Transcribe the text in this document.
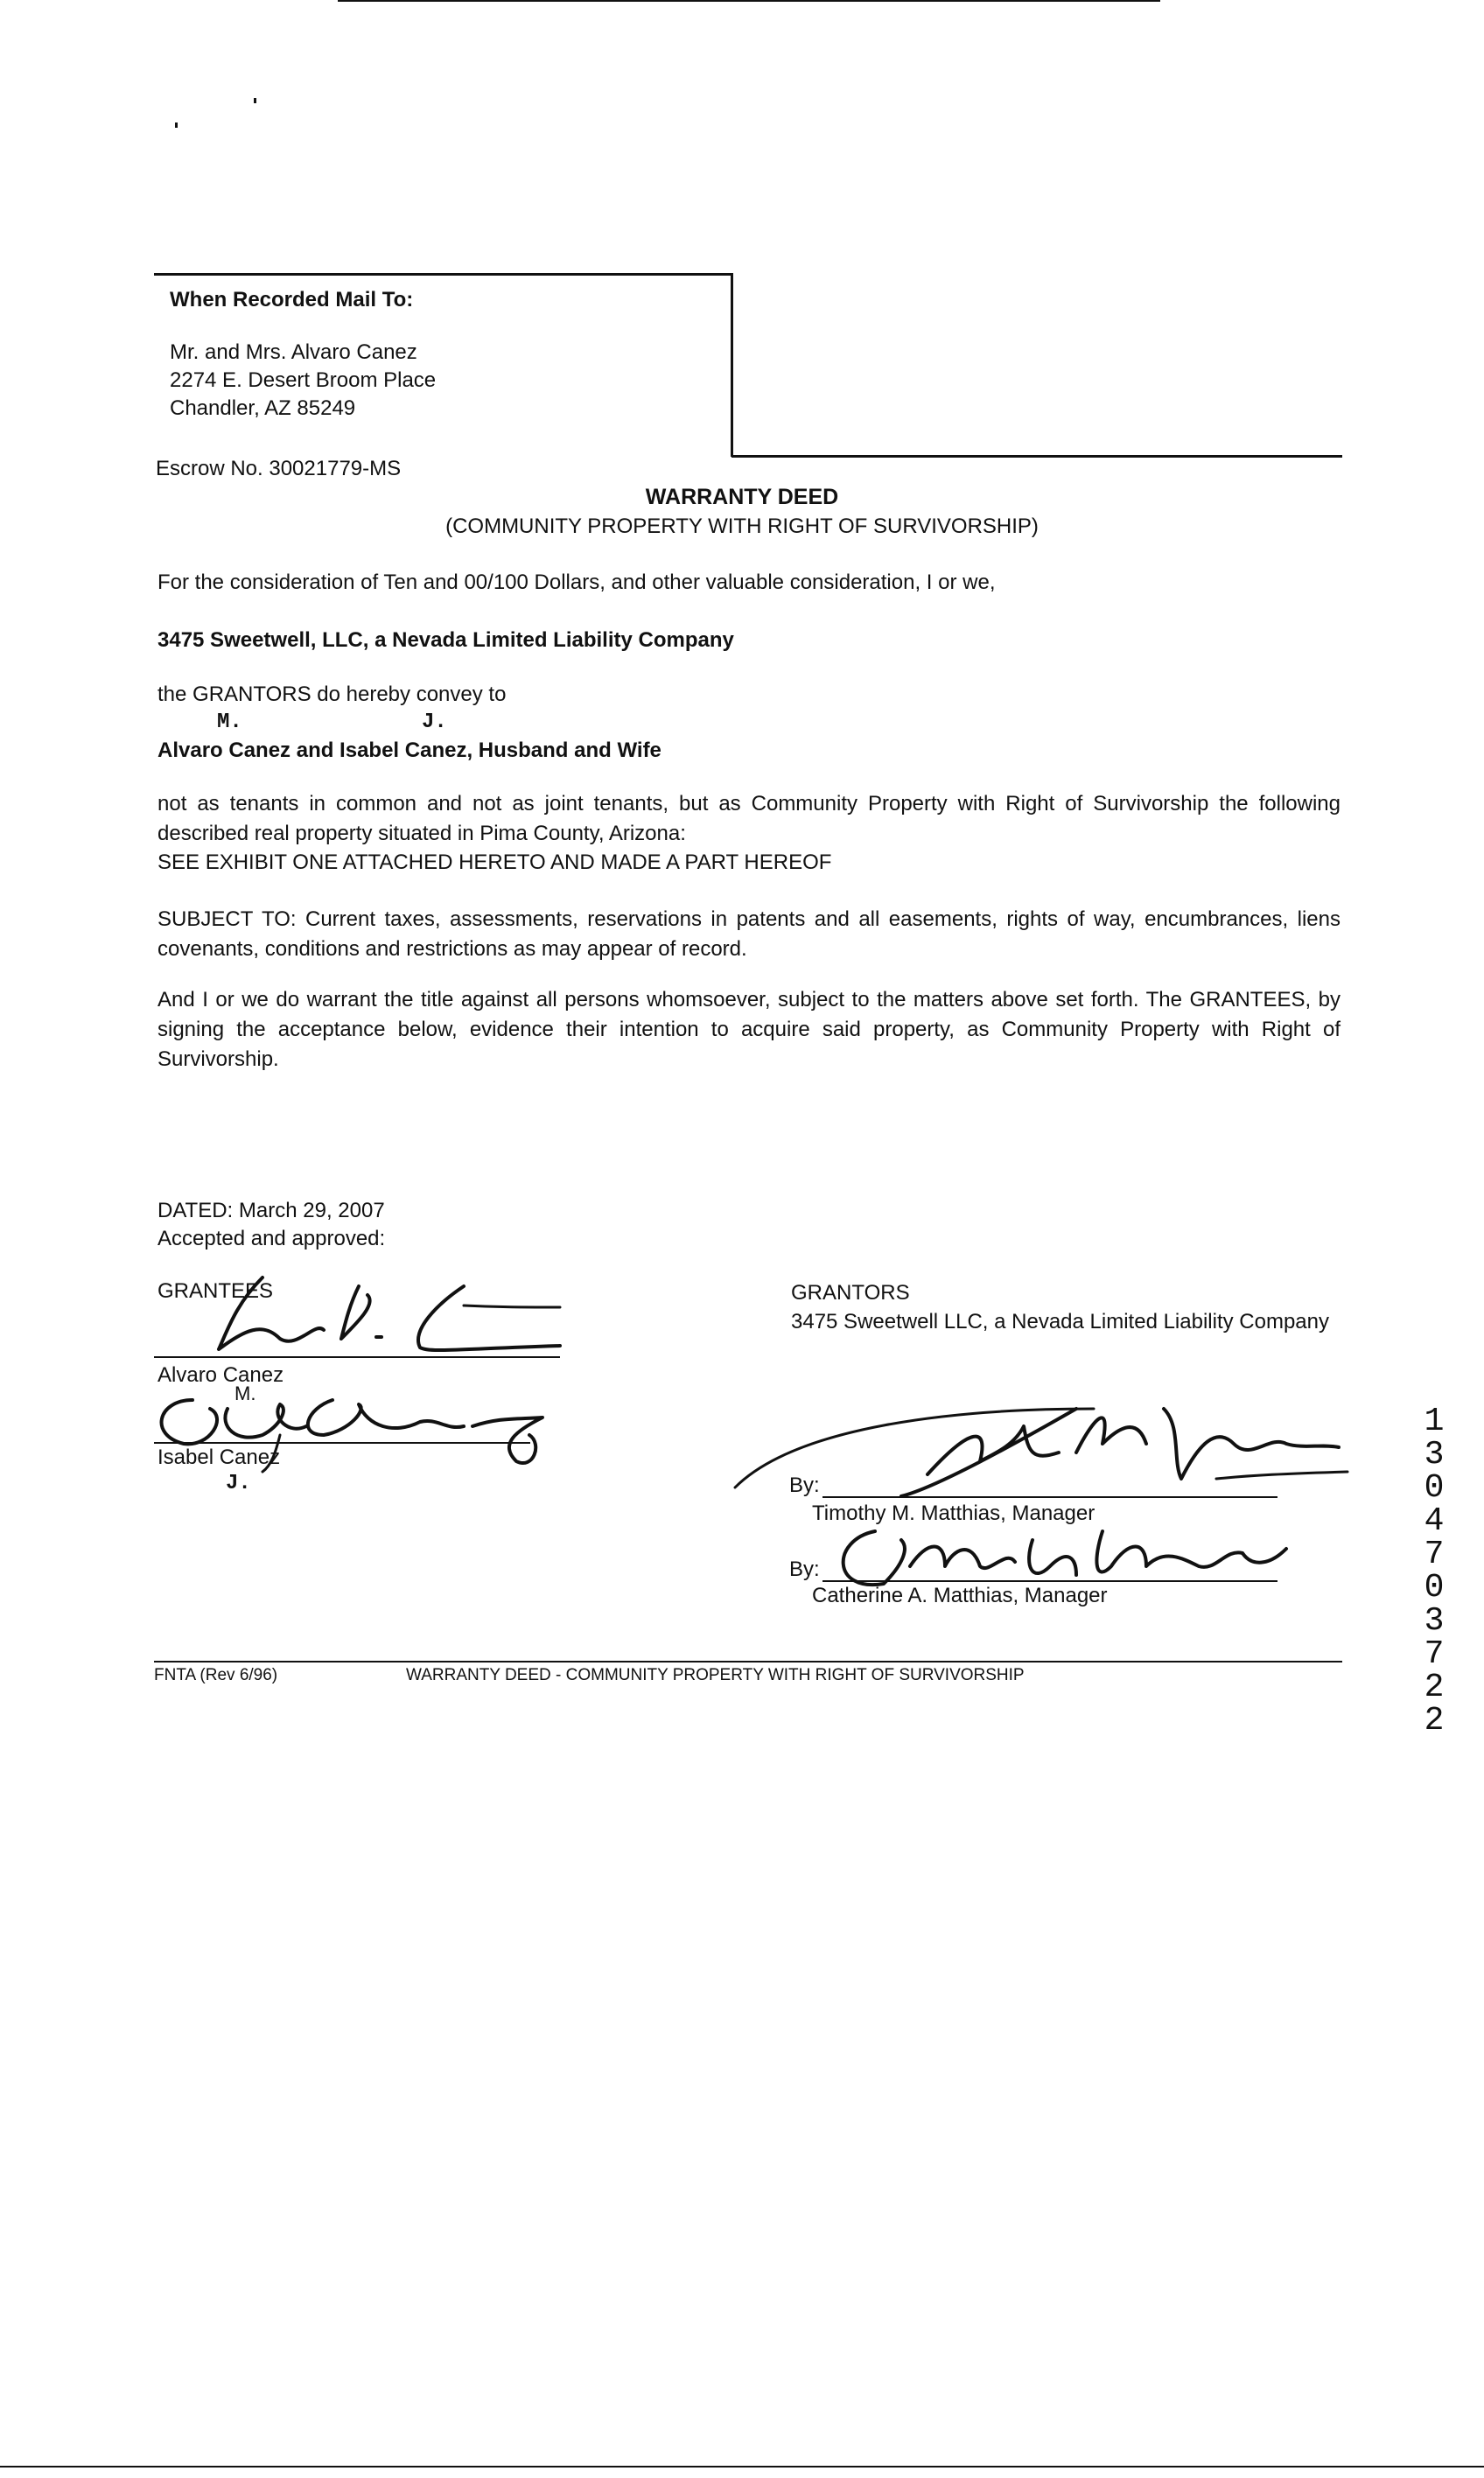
When Recorded Mail To:
Mr. and Mrs. Alvaro Canez
2274 E. Desert Broom Place
Chandler, AZ 85249
Escrow No. 30021779-MS
WARRANTY DEED
(COMMUNITY PROPERTY WITH RIGHT OF SURVIVORSHIP)
For the consideration of Ten and 00/100 Dollars, and other valuable consideration, I or we,
3475 Sweetwell, LLC, a Nevada Limited Liability Company
the GRANTORS do hereby convey to
M.	J.
Alvaro Canez and Isabel Canez, Husband and Wife
not as tenants in common and not as joint tenants, but as Community Property with Right of Survivorship the following described real property situated in Pima County, Arizona:
SEE EXHIBIT ONE ATTACHED HERETO AND MADE A PART HEREOF
SUBJECT TO: Current taxes, assessments, reservations in patents and all easements, rights of way, encumbrances, liens covenants, conditions and restrictions as may appear of record.
And I or we do warrant the title against all persons whomsoever, subject to the matters above set forth. The GRANTEES, by signing the acceptance below, evidence their intention to acquire said property, as Community Property with Right of Survivorship.
DATED: March 29, 2007
Accepted and approved:
GRANTEES
Alvaro Canez
M.
Isabel Canez
J.
GRANTORS
3475 Sweetwell LLC, a Nevada Limited Liability Company
By:
Timothy M. Matthias, Manager
By:
Catherine A. Matthias, Manager
13047 03722
FNTA (Rev 6/96)	WARRANTY DEED - COMMUNITY PROPERTY WITH RIGHT OF SURVIVORSHIP
